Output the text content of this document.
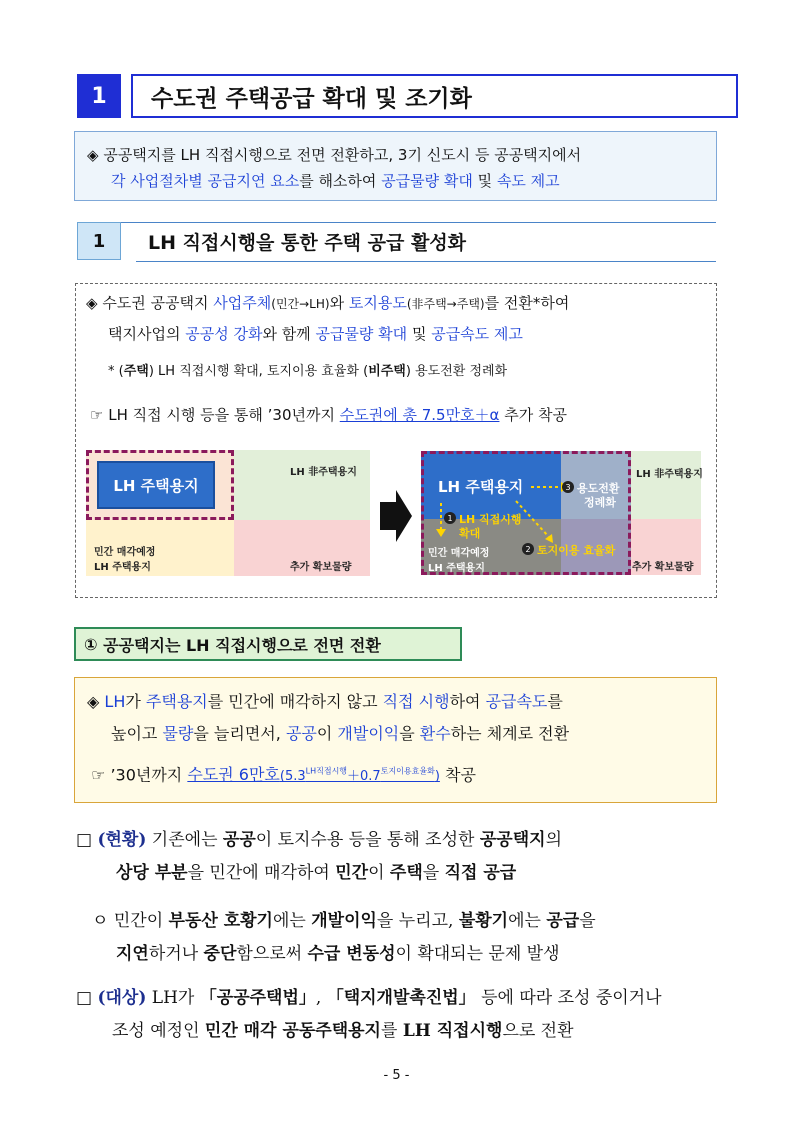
1	수도권 주택공급 확대 및 조기화
◈ 공공택지를 LH 직접시행으로 전면 전환하고, 3기 신도시 등 공공택지에서
각 사업절차별 공급지연 요소를 해소하여 공급물량 확대 및 속도 제고
1	LH 직접시행을 통한 주택 공급 활성화
◈ 수도권 공공택지 사업주체(민간→LH)와 토지용도(非주택→주택)를 전환*하여
택지사업의 공공성 강화와 함께 공급물량 확대 및 공급속도 제고
* (주택) LH 직접시행 확대, 토지이용 효율화 (비주택) 용도전환 정례화
☞ LH 직접 시행 등을 통해 ’30년까지 수도권에 총 7.5만호＋α 추가 착공
LH 주택용지
LH 非주택용지
민간 매각예정
LH 주택용지	추가 확보물량
LH 주택용지
LH 非주택용지
3 용도전환
정례화
1 LH 직접시행
확대
2 토지이용 효율화
민간 매각예정
LH 주택용지	추가 확보물량
①
공공택지는 LH 직접시행으로 전면 전환
◈ LH가 주택용지를 민간에 매각하지 않고 직접 시행하여 공급속도를
높이고 물량을 늘리면서, 공공이 개발이익을 환수하는 체계로 전환
☞ ’30년까지 수도권 6만호$(5.3^{LH직접시행}+0.7^{토지이용효율화})$ 착공
□ (현황) 기존에는 공공이 토지수용 등을 통해 조성한 공공택지의
상당 부분을 민간에 매각하여 민간이 주택을 직접 공급
ㅇ 민간이 부동산 호황기에는 개발이익을 누리고, 불황기에는 공급을
지연하거나 중단함으로써 수급 변동성이 확대되는 문제 발생
□ (대상) LH가 「공공주택법」, 「택지개발촉진법」 등에 따라 조성 중이거나
조성 예정인 민간 매각 공동주택용지를 LH 직접시행으로 전환
- 5 -
